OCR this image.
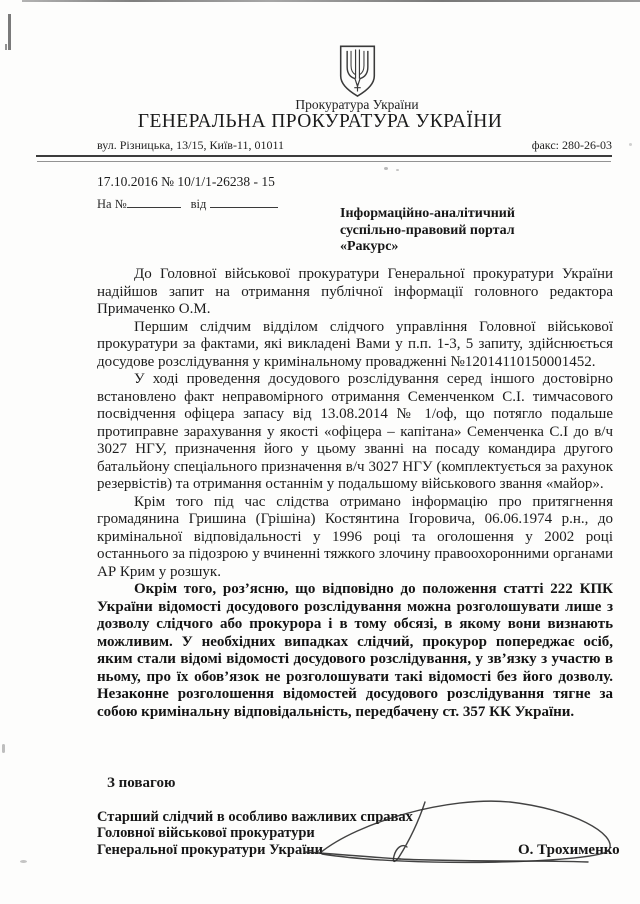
Прокуратура України
ГЕНЕРАЛЬНА ПРОКУРАТУРА УКРАЇНИ
вул. Різницька, 13/15, Київ-11, 01011	факс: 280-26-03
17.10.2016 № 10/1/1-26238 - 15
На №	від
Інформаційно-аналітичний
суспільно-правовий портал
«Ракурс»

До Головної військової прокуратури Генеральної прокуратури України надійшов запит на отримання публічної інформації головного редактора Примаченко О.М.

Першим слідчим відділом слідчого управління Головної військової прокуратури за фактами, які викладені Вами у п.п. 1-3, 5 запиту, здійснюється досудове розслідування у кримінальному провадженні №12014110150001452.

У ході проведення досудового розслідування серед іншого достовірно встановлено факт неправомірного отримання Семенченком С.І. тимчасового посвідчення офіцера запасу від 13.08.2014 № 1/оф, що потягло подальше протиправне зарахування у якості «офіцера – капітана» Семенченка С.І до в/ч 3027 НГУ, призначення його у цьому званні на посаду командира другого батальйону спеціального призначення в/ч 3027 НГУ (комплектується за рахунок резервістів) та отримання останнім у подальшому військового звання «майор».

Крім того під час слідства отримано інформацію про притягнення громадянина Гришина (Грішіна) Костянтина Ігоровича, 06.06.1974 р.н., до кримінальної відповідальності у 1996 році та оголошення у 2002 році останнього за підозрою у вчиненні тяжкого злочину правоохоронними органами АР Крим у розшук.

Окрім того, роз’ясню, що відповідно до положення статті 222 КПК України відомості досудового розслідування можна розголошувати лише з дозволу слідчого або прокурора і в тому обсязі, в якому вони визнають можливим. У необхідних випадках слідчий, прокурор попереджає осіб, яким стали відомі відомості досудового розслідування, у зв’язку з участю в ньому, про їх обов’язок не розголошувати такі відомості без його дозволу. Незаконне розголошення відомостей досудового розслідування тягне за собою кримінальну відповідальність, передбачену ст. 357 КК України.

З повагою
Старший слідчий в особливо важливих справах
Головної військової прокуратури
Генеральної прокуратури України	О. Трохименко
